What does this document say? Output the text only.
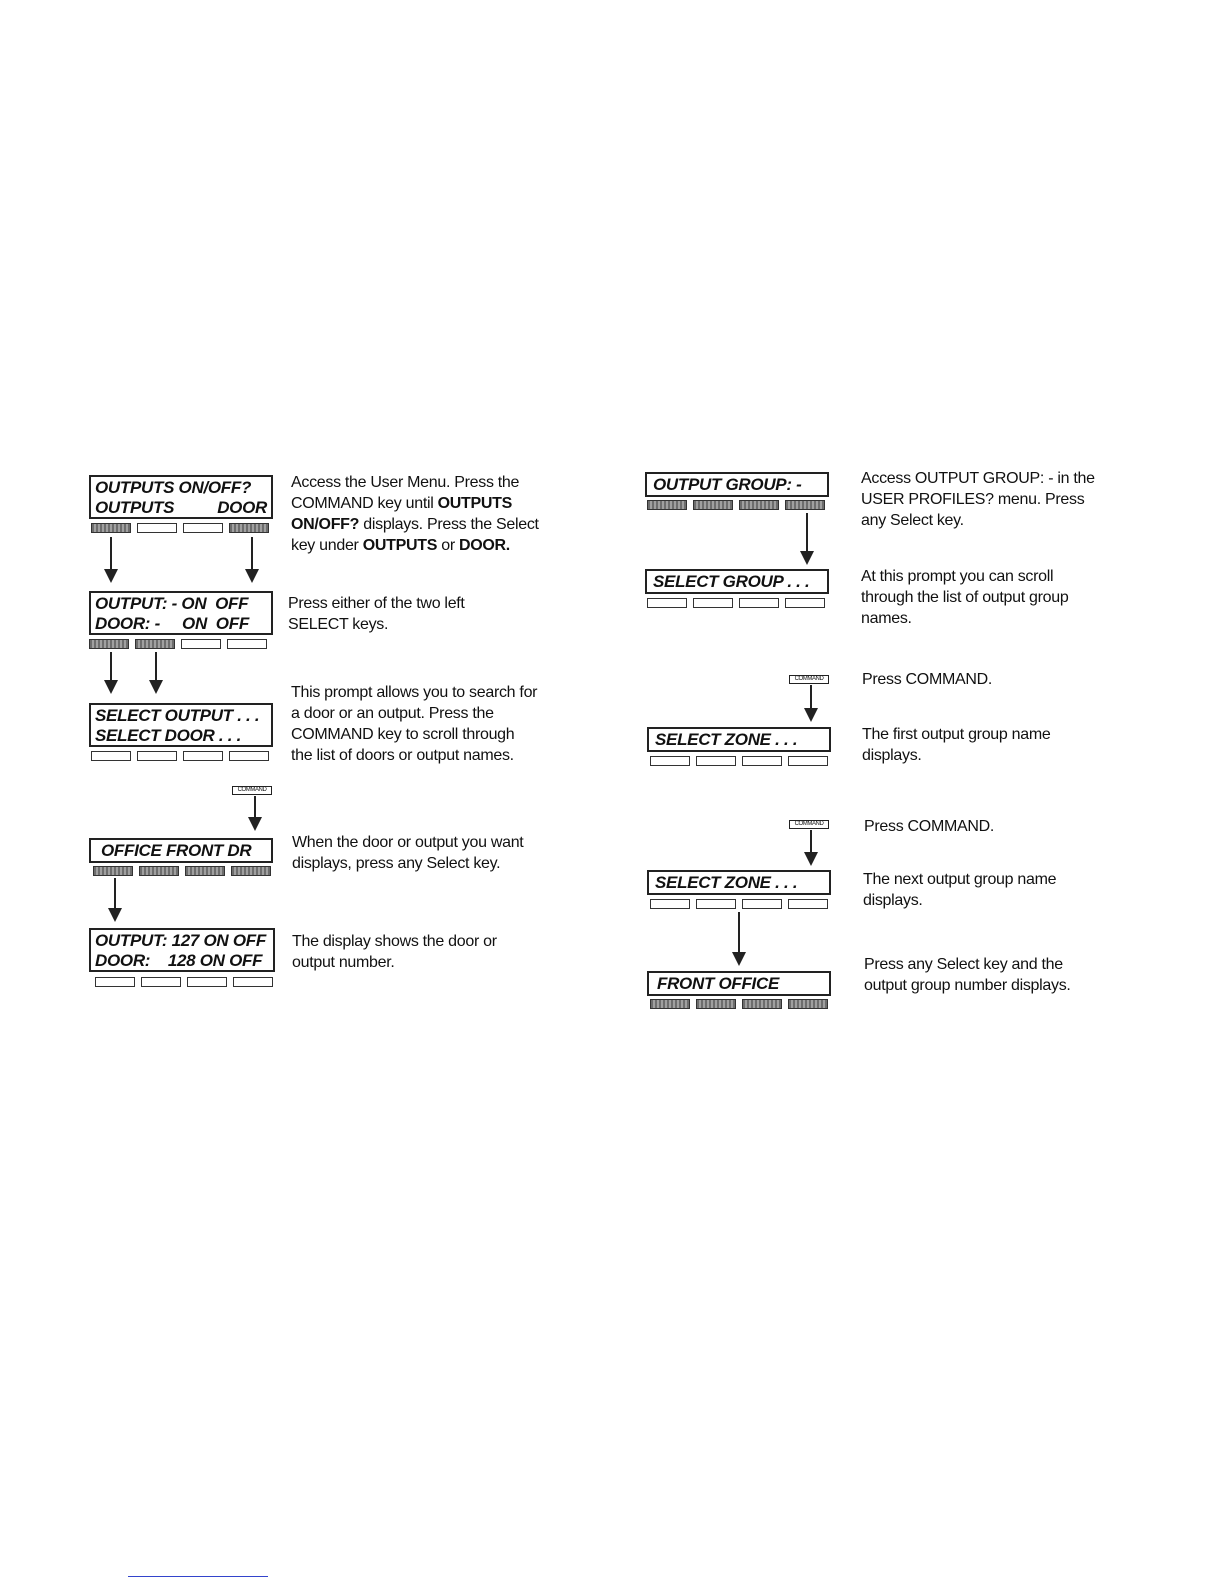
OUTPUTS ON/OFF?
OUTPUTS	DOOR
Access the User Menu. Press the COMMAND key until OUTPUTS ON/OFF? displays. Press the Select key under OUTPUTS or DOOR.
OUTPUT: - ON  OFF
DOOR: -     ON  OFF
Press either of the two left SELECT keys.
SELECT OUTPUT . . .
SELECT DOOR . . .
This prompt allows you to search for a door or an output. Press the COMMAND key to scroll through the list of doors or output names.
COMMAND
OFFICE FRONT DR	When the door or output you want displays, press any Select key.
OUTPUT: 127 ON OFF
DOOR:    128 ON OFF
The display shows the door or output number.
OUTPUT GROUP: -	Access OUTPUT GROUP: - in the USER PROFILES? menu. Press any Select key.
SELECT GROUP . . .	At this prompt you can scroll through the list of output group names.
COMMAND	Press COMMAND.
SELECT ZONE . . .	The first output group name displays.
COMMAND	Press COMMAND.
SELECT ZONE . . .	The next output group name displays.
FRONT OFFICE
Press any Select key and the output group number displays.
